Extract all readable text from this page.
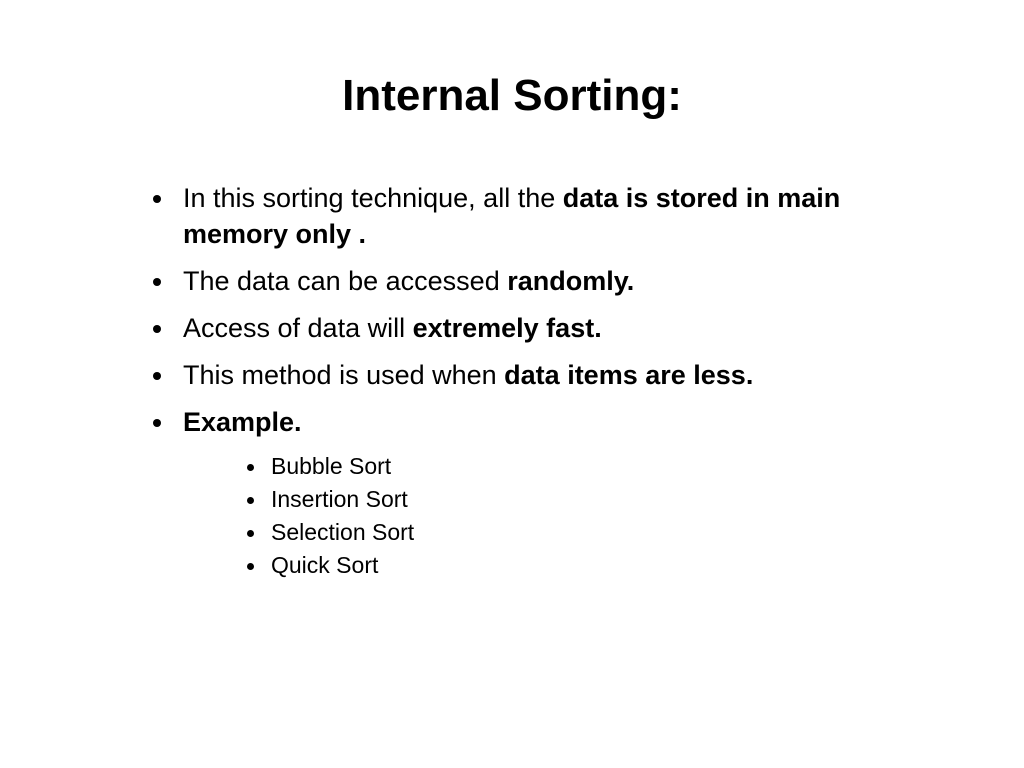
Internal Sorting:
In this sorting technique, all the data is stored in main memory only .
The data can be accessed randomly.
Access of data will extremely fast.
This method is used when data items are less.
Example.
Bubble Sort
Insertion Sort
Selection Sort
Quick Sort
